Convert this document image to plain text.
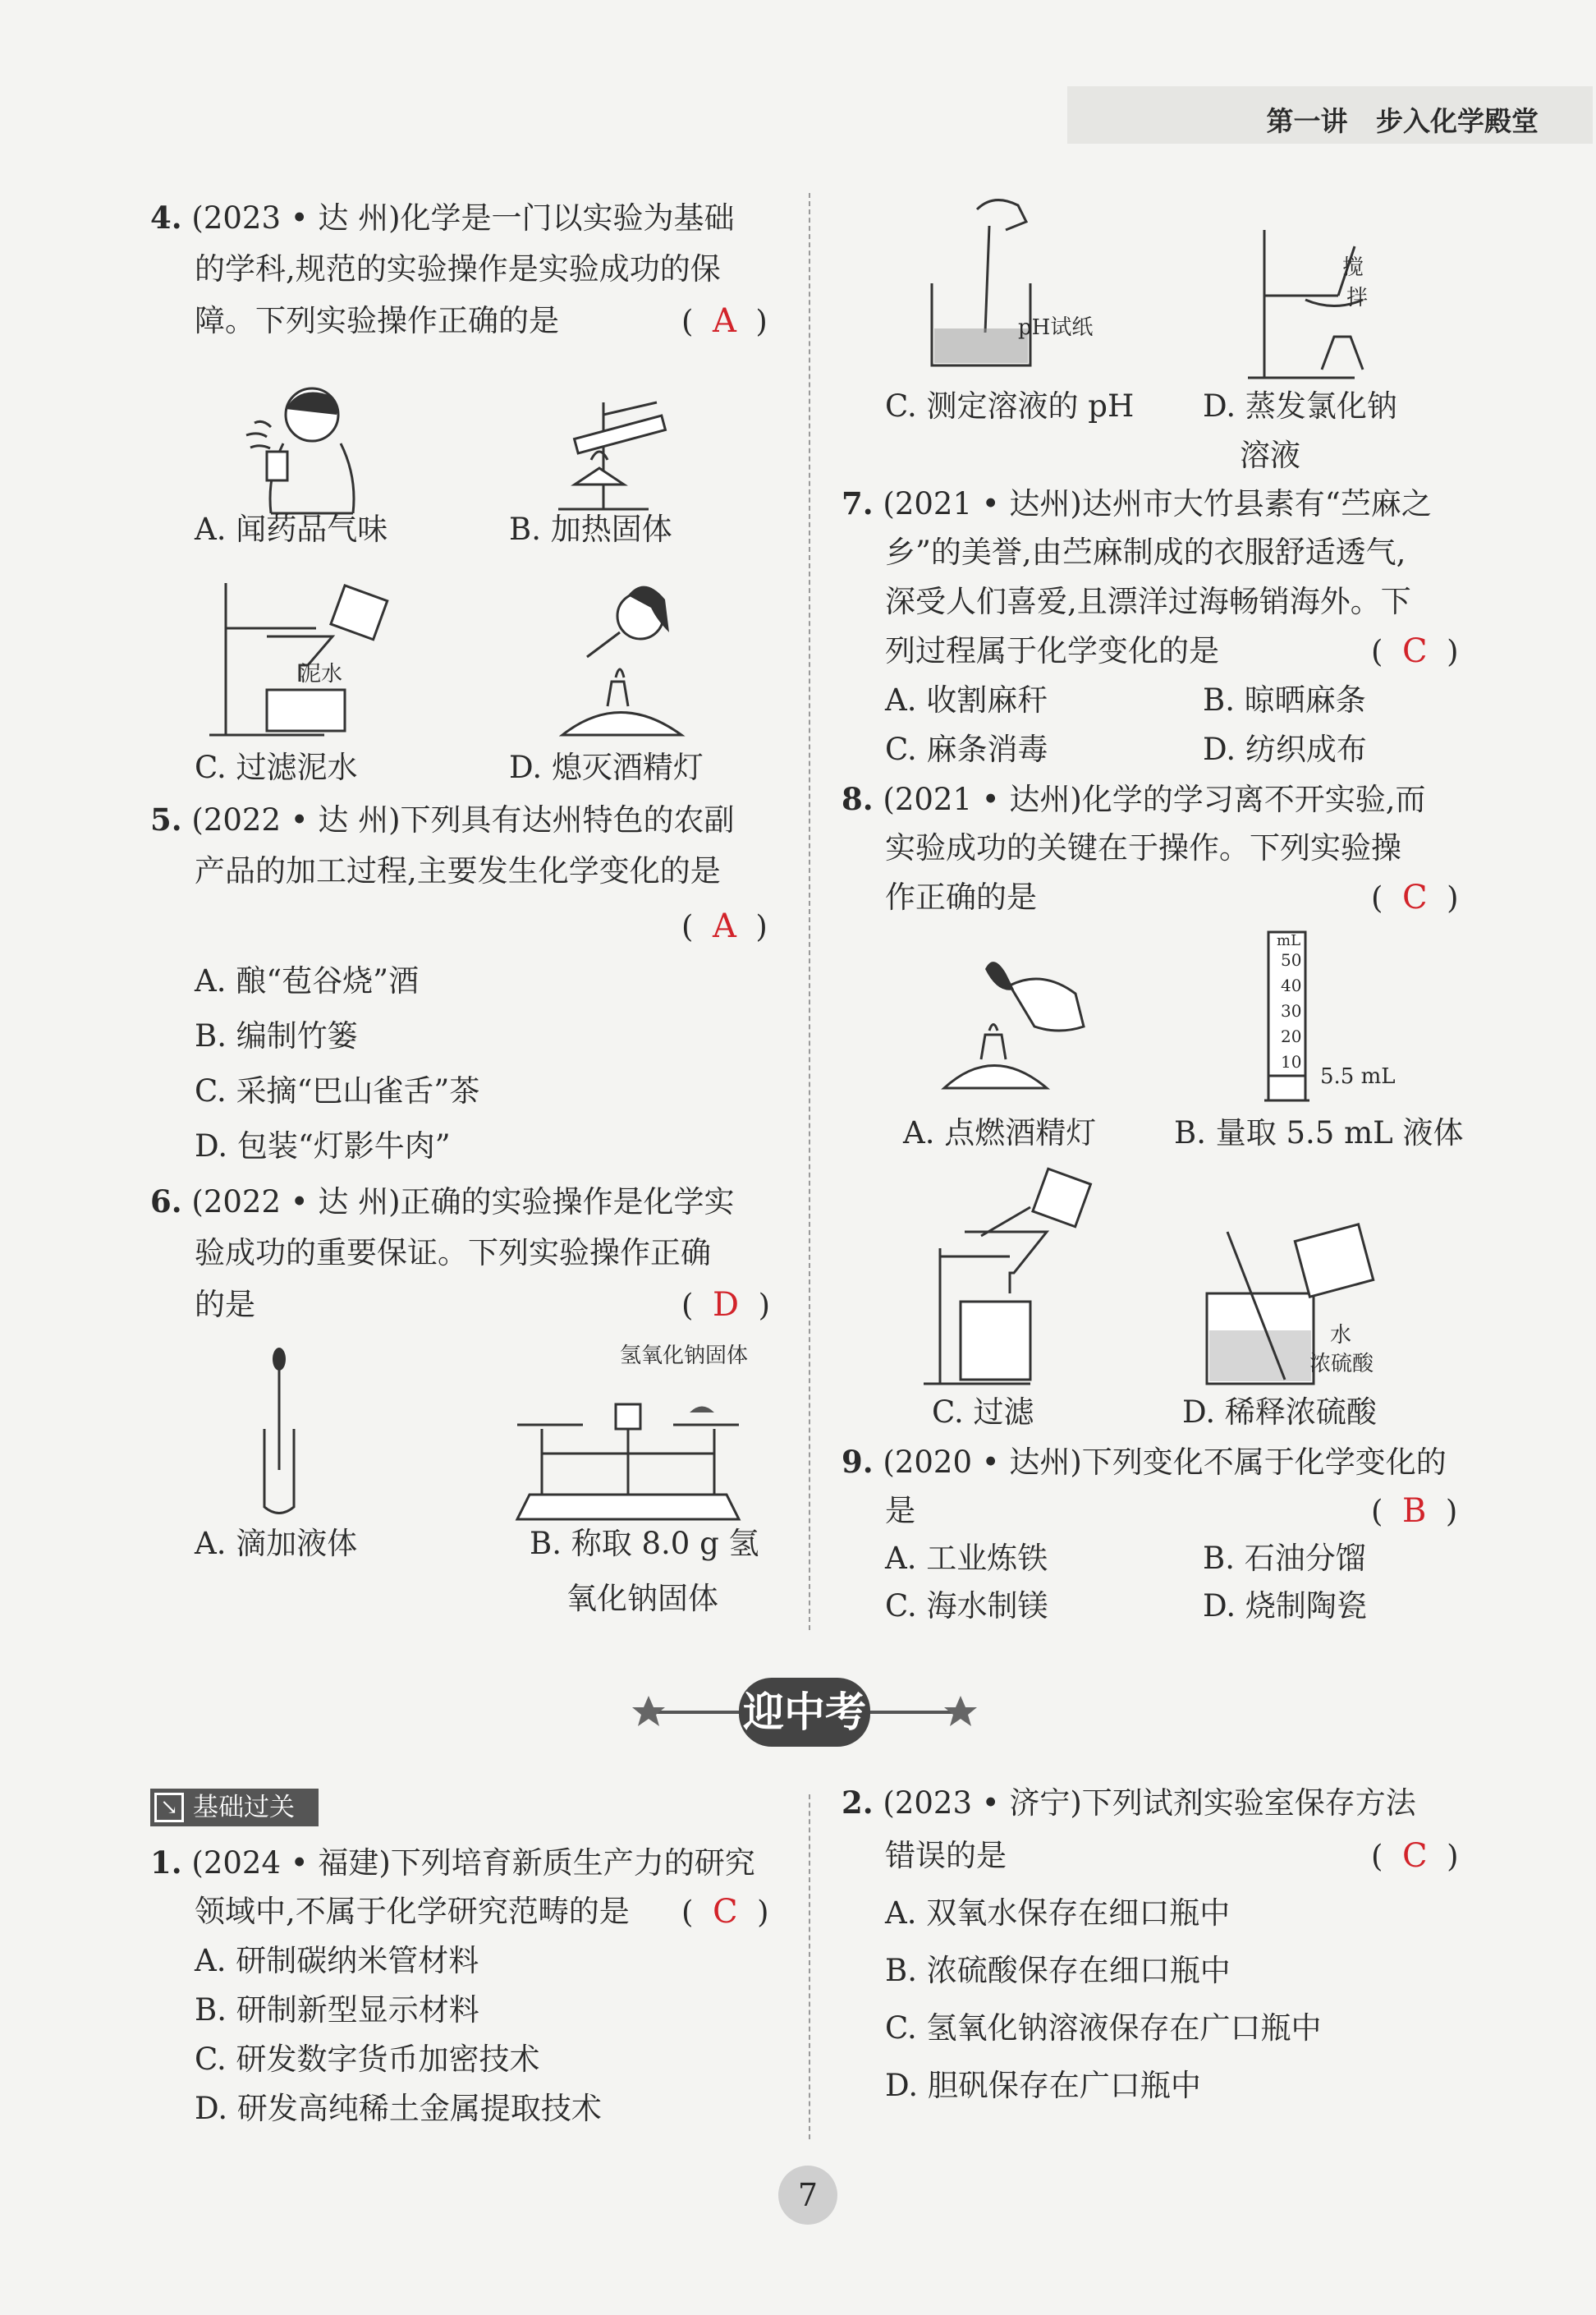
第一讲 步入化学殿堂
4. (2023 • 达 州)化学是一门以实验为基础
的学科,规范的实验操作是实验成功的保
障。下列实验操作正确的是	(  A  )
A. 闻药品气味	B. 加热固体
泥水
C. 过滤泥水	D. 熄灭酒精灯
5. (2022 • 达 州)下列具有达州特色的农副
产品的加工过程,主要发生化学变化的是
(  A  )
A. 酿“苞谷烧”酒
B. 编制竹篓
C. 采摘“巴山雀舌”茶
D. 包装“灯影牛肉”
6. (2022 • 达 州)正确的实验操作是化学实
验成功的重要保证。下列实验操作正确
的是	(  D  )
氢氧化钠固体
A. 滴加液体	B. 称取 8.0 g 氢
氧化钠固体
pH试纸
搅
拌
C. 测定溶液的 pH D. 蒸发氯化钠
溶液
7. (2021 • 达州)达州市大竹县素有“苎麻之
乡”的美誉,由苎麻制成的衣服舒适透气,
深受人们喜爱,且漂洋过海畅销海外。下
列过程属于化学变化的是	(  C  )
A. 收割麻秆	B. 晾晒麻条
C. 麻条消毒	D. 纺织成布
8. (2021 • 达州)化学的学习离不开实验,而
实验成功的关键在于操作。下列实验操
作正确的是	(  C  )
mL
50
40
30
20
10
5.5 mL
A. 点燃酒精灯	B. 量取 5.5 mL 液体
水
浓硫酸
C. 过滤	D. 稀释浓硫酸
9. (2020 • 达州)下列变化不属于化学变化的
是	(  B  )
A. 工业炼铁	B. 石油分馏
C. 海水制镁	D. 烧制陶瓷
迎中考
基础过关
↘
1. (2024 • 福建)下列培育新质生产力的研究
领域中,不属于化学研究范畴的是 (  C  )
A. 研制碳纳米管材料
B. 研制新型显示材料
C. 研发数字货币加密技术
D. 研发高纯稀土金属提取技术
2. (2023 • 济宁)下列试剂实验室保存方法
错误的是	(  C  )
A. 双氧水保存在细口瓶中
B. 浓硫酸保存在细口瓶中
C. 氢氧化钠溶液保存在广口瓶中
D. 胆矾保存在广口瓶中
7
